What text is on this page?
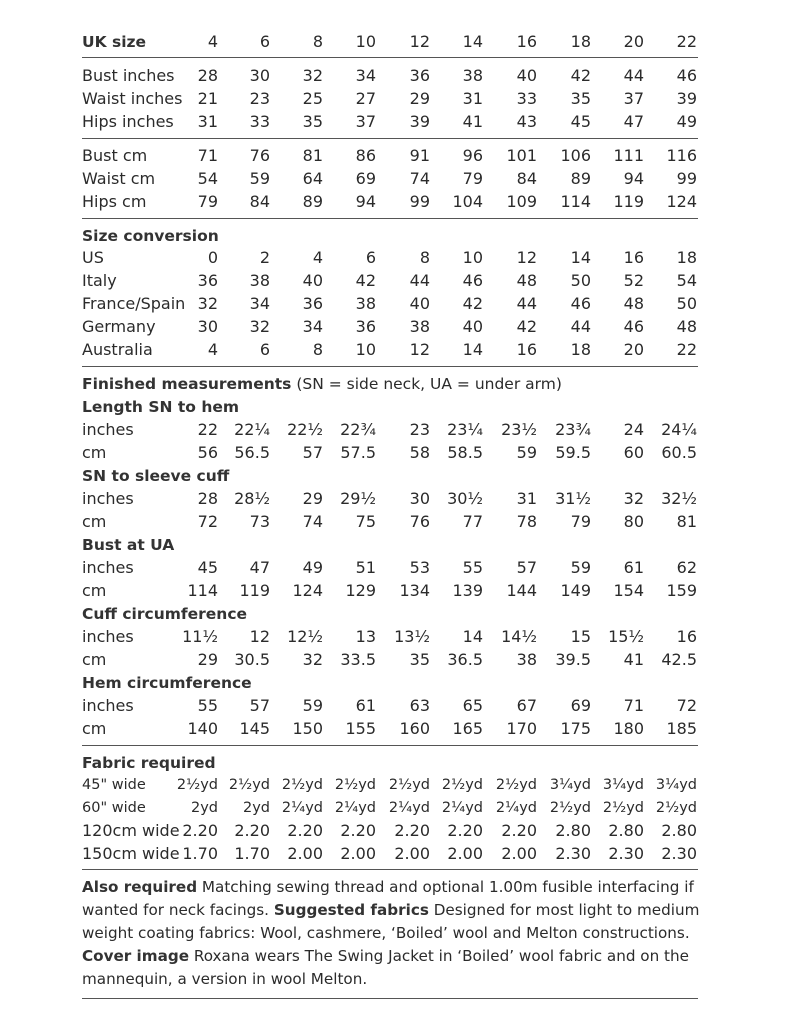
UK size	4	6	8 10 12 14 16 18 20 22
Bust inches 28 30 32 34 36 38 40 42 44 46
Waist inches 21 23 25 27 29 31 33 35 37 39
Hips inches 31 33 35 37 39 41 43 45 47 49
Bust cm	71 76 81 86 91 96 101 106 111 116
Waist cm	54 59 64 69 74 79 84 89 94 99
Hips cm	79 84 89 94 99 104 109 114 119 124
Size conversion
US	0	2	4	6	8 10 12 14 16 18
Italy	36 38 40 42 44 46 48 50 52 54
France/Spain 32 34 36 38 40 42 44 46 48 50
Germany	30 32 34 36 38 40 42 44 46 48
Australia	4	6	8 10 12 14 16 18 20 22
Finished measurements (SN = side neck, UA = under arm)
Length SN to hem
inches	22 22¼ 22½ 22¾ 23 23¼ 23½ 23¾ 24 24¼
cm	56 56.5 57 57.5 58 58.5 59 59.5 60 60.5
SN to sleeve cuff
inches	28 28½ 29 29½ 30 30½ 31 31½ 32 32½
cm	72 73 74 75 76 77 78 79 80 81
Bust at UA
inches	45 47 49 51 53 55 57 59 61 62
cm	114 119 124 129 134 139 144 149 154 159
Cuff circumference
inches	11½ 12 12½ 13 13½ 14 14½ 15 15½ 16
cm	29 30.5 32 33.5 35 36.5 38 39.5 41 42.5
Hem circumference
inches	55 57 59 61 63 65 67 69 71 72
cm	140 145 150 155 160 165 170 175 180 185
Fabric required
45" wide 2½yd 2½yd 2½yd 2½yd 2½yd 2½yd 2½yd 3¼yd 3¼yd 3¼yd
60" wide	2yd 2yd 2¼yd 2¼yd 2¼yd 2¼yd 2¼yd 2½yd 2½yd 2½yd
120cm wide 2.20 2.20 2.20 2.20 2.20 2.20 2.20 2.80 2.80 2.80
150cm wide 1.70 1.70 2.00 2.00 2.00 2.00 2.00 2.30 2.30 2.30
Also required Matching sewing thread and optional 1.00m fusible interfacing if wanted for neck facings. Suggested fabrics Designed for most light to medium weight coating fabrics: Wool, cashmere, ‘Boiled’ wool and Melton constructions. Cover image Roxana wears The Swing Jacket in ‘Boiled’ wool fabric and on the mannequin, a version in wool Melton.
